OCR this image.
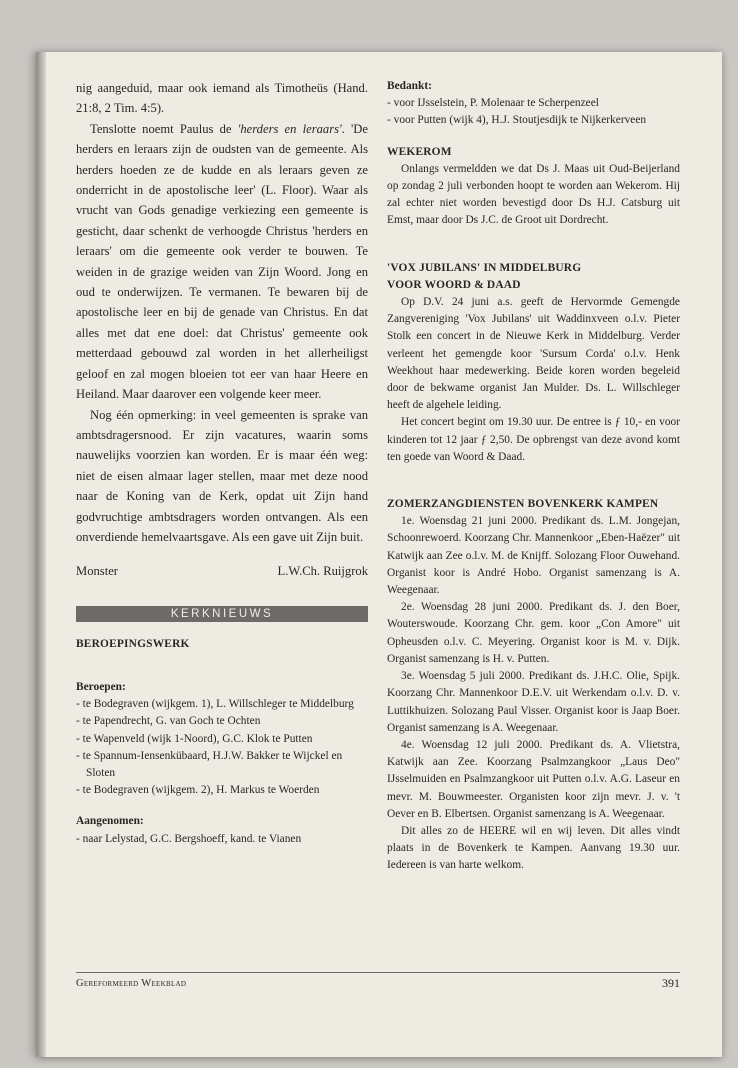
nig aangeduid, maar ook iemand als Timotheüs (Hand. 21:8, 2 Tim. 4:5).

Tenslotte noemt Paulus de 'herders en leraars'. 'De herders en leraars zijn de oudsten van de gemeente. Als herders hoeden ze de kudde en als leraars geven ze onderricht in de apostolische leer' (L. Floor). Waar als vrucht van Gods genadige verkiezing een gemeente is gesticht, daar schenkt de verhoogde Christus 'herders en leraars' om die gemeente ook verder te bouwen. Te weiden in de grazige weiden van Zijn Woord. Jong en oud te onderwijzen. Te vermanen. Te bewaren bij de apostolische leer en bij de genade van Christus. En dat alles met dat ene doel: dat Christus' gemeente ook metterdaad gebouwd zal worden in het allerheiligst geloof en zal mogen bloeien tot eer van haar Heere en Heiland. Maar daarover een volgende keer meer.

Nog één opmerking: in veel gemeenten is sprake van ambtsdragersnood. Er zijn vacatures, waarin soms nauwelijks voorzien kan worden. Er is maar één weg: niet de eisen almaar lager stellen, maar met deze nood naar de Koning van de Kerk, opdat uit Zijn hand godvruchtige ambtsdragers worden ontvangen. Als een onverdiende hemelvaartsgave. Als een gave uit Zijn buit.

Monster	L.W.Ch. Ruijgrok
KERKNIEUWS
BEROEPINGSWERK
Beroepen:
- te Bodegraven (wijkgem. 1), L. Willschleger te Middelburg
- te Papendrecht, G. van Goch te Ochten
- te Wapenveld (wijk 1-Noord), G.C. Klok te Putten
- te Spannum-Iensenkübaard, H.J.W. Bakker te Wijckel en Sloten
- te Bodegraven (wijkgem. 2), H. Markus te Woerden
Aangenomen:
- naar Lelystad, G.C. Bergshoeff, kand. te Vianen
Bedankt:
- voor IJsselstein, P. Molenaar te Scherpenzeel
- voor Putten (wijk 4), H.J. Stoutjesdijk te Nijkerkerveen
WEKEROM

Onlangs vermeldden we dat Ds J. Maas uit Oud-Beijerland op zondag 2 juli verbonden hoopt te worden aan Wekerom. Hij zal echter niet worden bevestigd door Ds H.J. Catsburg uit Emst, maar door Ds J.C. de Groot uit Dordrecht.

'VOX JUBILANS' IN MIDDELBURG
VOOR WOORD & DAAD

Op D.V. 24 juni a.s. geeft de Hervormde Gemengde Zangvereniging 'Vox Jubilans' uit Waddinxveen o.l.v. Pieter Stolk een concert in de Nieuwe Kerk in Middelburg. Verder verleent het gemengde koor 'Sursum Corda' o.l.v. Henk Weekhout haar medewerking. Beide koren worden begeleid door de bekwame organist Jan Mulder. Ds. L. Willschleger heeft de algehele leiding.

Het concert begint om 19.30 uur. De entree is ƒ 10,- en voor kinderen tot 12 jaar ƒ 2,50. De opbrengst van deze avond komt ten goede van Woord & Daad.

ZOMERZANGDIENSTEN BOVENKERK KAMPEN

1e. Woensdag 21 juni 2000. Predikant ds. L.M. Jongejan, Schoonrewoerd. Koorzang Chr. Mannenkoor „Eben-Haëzer" uit Katwijk aan Zee o.l.v. M. de Knijff. Solozang Floor Ouwehand. Organist koor is André Hobo. Organist samenzang is A. Weegenaar.

2e. Woensdag 28 juni 2000. Predikant ds. J. den Boer, Wouterswoude. Koorzang Chr. gem. koor „Con Amore" uit Opheusden o.l.v. C. Meyering. Organist koor is M. v. Dijk. Organist samenzang is H. v. Putten.

3e. Woensdag 5 juli 2000. Predikant ds. J.H.C. Olie, Spijk. Koorzang Chr. Mannenkoor D.E.V. uit Werkendam o.l.v. D. v. Luttikhuizen. Solozang Paul Visser. Organist koor is Jaap Boer. Organist samenzang is A. Weegenaar.

4e. Woensdag 12 juli 2000. Predikant ds. A. Vlietstra, Katwijk aan Zee. Koorzang Psalmzangkoor „Laus Deo" IJsselmuiden en Psalmzangkoor uit Putten o.l.v. A.G. Laseur en mevr. M. Bouwmeester. Organisten koor zijn mevr. J. v. 't Oever en B. Elbertsen. Organist samenzang is A. Weegenaar.

Dit alles zo de HEERE wil en wij leven. Dit alles vindt plaats in de Bovenkerk te Kampen. Aanvang 19.30 uur. Iedereen is van harte welkom.

Gereformeerd Weekblad	391
